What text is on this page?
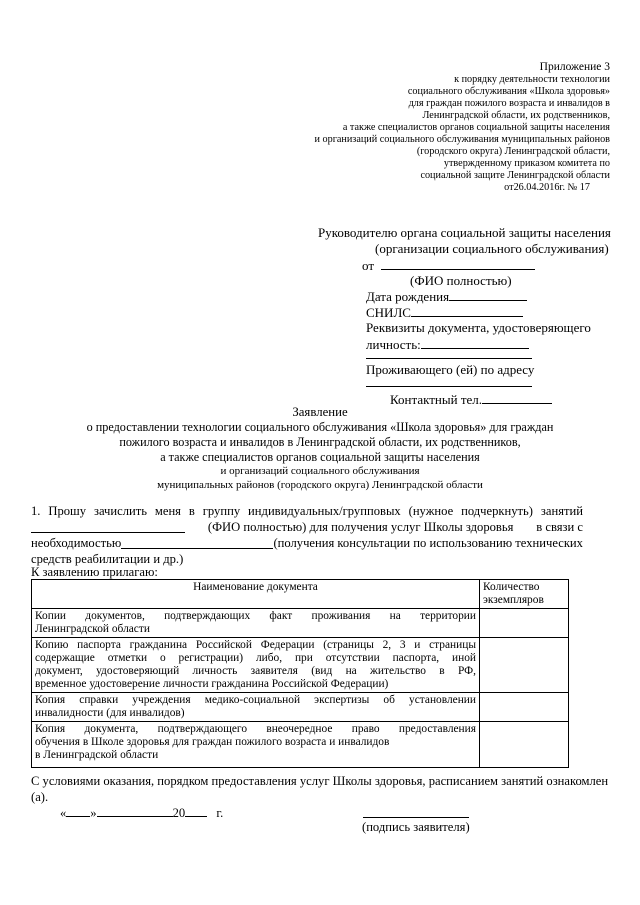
Приложение 3
к порядку деятельности технологии
социального обслуживания «Школа здоровья»
для граждан пожилого возраста и инвалидов в
Ленинградской области, их родственников,
а также специалистов органов социальной защиты населения
и организаций социального обслуживания муниципальных районов
(городского округа) Ленинградской области,
утвержденному приказом комитета по
социальной защите Ленинградской области
от26.04.2016г. № 17
Руководителю органа социальной защиты населения
(организации социального обслуживания)
от
(ФИО полностью)
Дата рождения
СНИЛС
Реквизиты документа, удостоверяющего
личность:
Проживающего (ей) по адресу
Контактный тел.
Заявление
о предоставлении технологии социального обслуживания «Школа здоровья» для граждан
пожилого возраста и инвалидов в Ленинградской области, их родственников,
а также специалистов органов социальной защиты населения
и организаций социального обслуживания
муниципальных районов (городского округа) Ленинградской области
1. Прошу зачислить меня в группу индивидуальных/групповых (нужное подчеркнуть) занятий
(ФИО полностью) для получения услуг Школы здоровья в связи с
необходимостью	(получения консультации по использованию технических
средств реабилитации и др.)
К заявлению прилагаю:
Наименование документа	Количество
экземпляров

Копии документов, подтверждающих факт проживания на территории
Ленинградской области	

Копию паспорта гражданина Российской Федерации (страницы 2, 3 и страницы
содержащие отметки о регистрации) либо, при отсутствии паспорта, иной
документ, удостоверяющий личность заявителя (вид на жительство в РФ,
временное удостоверение личности гражданина Российской Федерации)	

Копия справки учреждения медико-социальной экспертизы об установлении
инвалидности (для инвалидов)	

Копия документа, подтверждающего внеочередное право предоставления
обучения в Школе здоровья для граждан пожилого возраста и инвалидов
в Ленинградской области	

С условиями оказания, порядком предоставления услуг Школы здоровья, расписанием занятий ознакомлен
(а).
« »	20 г.
(подпись заявителя)
